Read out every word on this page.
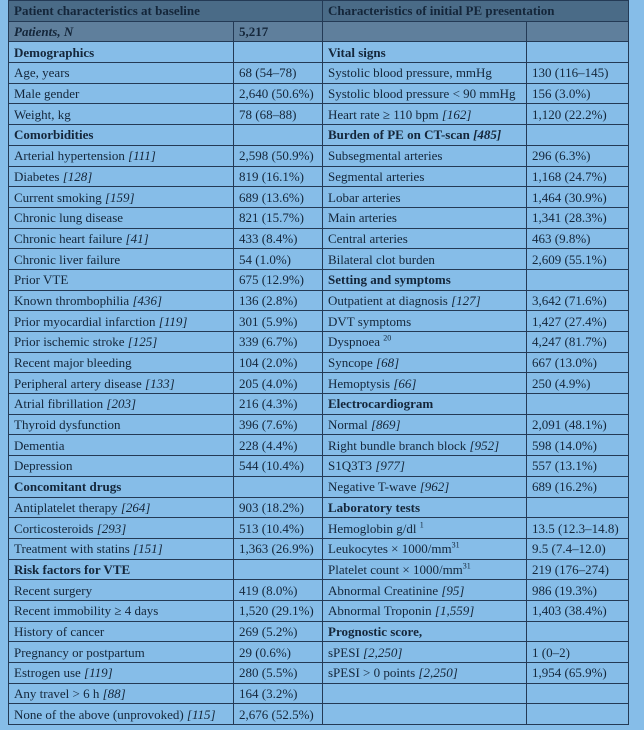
Patient characteristics at baseline		Characteristics of initial PE presentation	
Patients, N	5,217		
Demographics		Vital signs	
Age, years	68 (54–78)	Systolic blood pressure, mmHg	130 (116–145)
Male gender	2,640 (50.6%)	Systolic blood pressure < 90 mmHg	156 (3.0%)
Weight, kg	78 (68–88)	Heart rate ≥ 110 bpm [162]	1,120 (22.2%)
Comorbidities		Burden of PE on CT-scan [485]	
Arterial hypertension [111]	2,598 (50.9%)	Subsegmental arteries	296 (6.3%)
Diabetes [128]	819 (16.1%)	Segmental arteries	1,168 (24.7%)
Current smoking [159]	689 (13.6%)	Lobar arteries	1,464 (30.9%)
Chronic lung disease	821 (15.7%)	Main arteries	1,341 (28.3%)
Chronic heart failure [41]	433 (8.4%)	Central arteries	463 (9.8%)
Chronic liver failure	54 (1.0%)	Bilateral clot burden	2,609 (55.1%)
Prior VTE	675 (12.9%)	Setting and symptoms	
Known thrombophilia [436]	136 (2.8%)	Outpatient at diagnosis [127]	3,642 (71.6%)
Prior myocardial infarction [119]	301 (5.9%)	DVT symptoms	1,427 (27.4%)
Prior ischemic stroke [125]	339 (6.7%)	Dyspnoea $^{20}$	4,247 (81.7%)
Recent major bleeding	104 (2.0%)	Syncope [68]	667 (13.0%)
Peripheral artery disease [133]	205 (4.0%)	Hemoptysis [66]	250 (4.9%)
Atrial fibrillation [203]	216 (4.3%)	Electrocardiogram	
Thyroid dysfunction	396 (7.6%)	Normal [869]	2,091 (48.1%)
Dementia	228 (4.4%)	Right bundle branch block [952]	598 (14.0%)
Depression	544 (10.4%)	S1Q3T3 [977]	557 (13.1%)
Concomitant drugs		Negative T-wave [962]	689 (16.2%)
Antiplatelet therapy [264]	903 (18.2%)	Laboratory tests	
Corticosteroids [293]	513 (10.4%)	Hemoglobin g/dl $^1$	13.5 (12.3–14.8)
Treatment with statins [151]	1,363 (26.9%)	Leukocytes × $1000/mm^{31}$	9.5 (7.4–12.0)
Risk factors for VTE		Platelet count × $1000/mm^{31}$	219 (176–274)
Recent surgery	419 (8.0%)	Abnormal Creatinine [95]	986 (19.3%)
Recent immobility ≥ 4 days	1,520 (29.1%)	Abnormal Troponin [1,559]	1,403 (38.4%)
History of cancer	269 (5.2%)	Prognostic score,	
Pregnancy or postpartum	29 (0.6%)	sPESI [2,250]	1 (0–2)
Estrogen use [119]	280 (5.5%)	sPESI > 0 points [2,250]	1,954 (65.9%)
Any travel > 6 h [88]	164 (3.2%)		
None of the above (unprovoked) [115]	2,676 (52.5%)		
